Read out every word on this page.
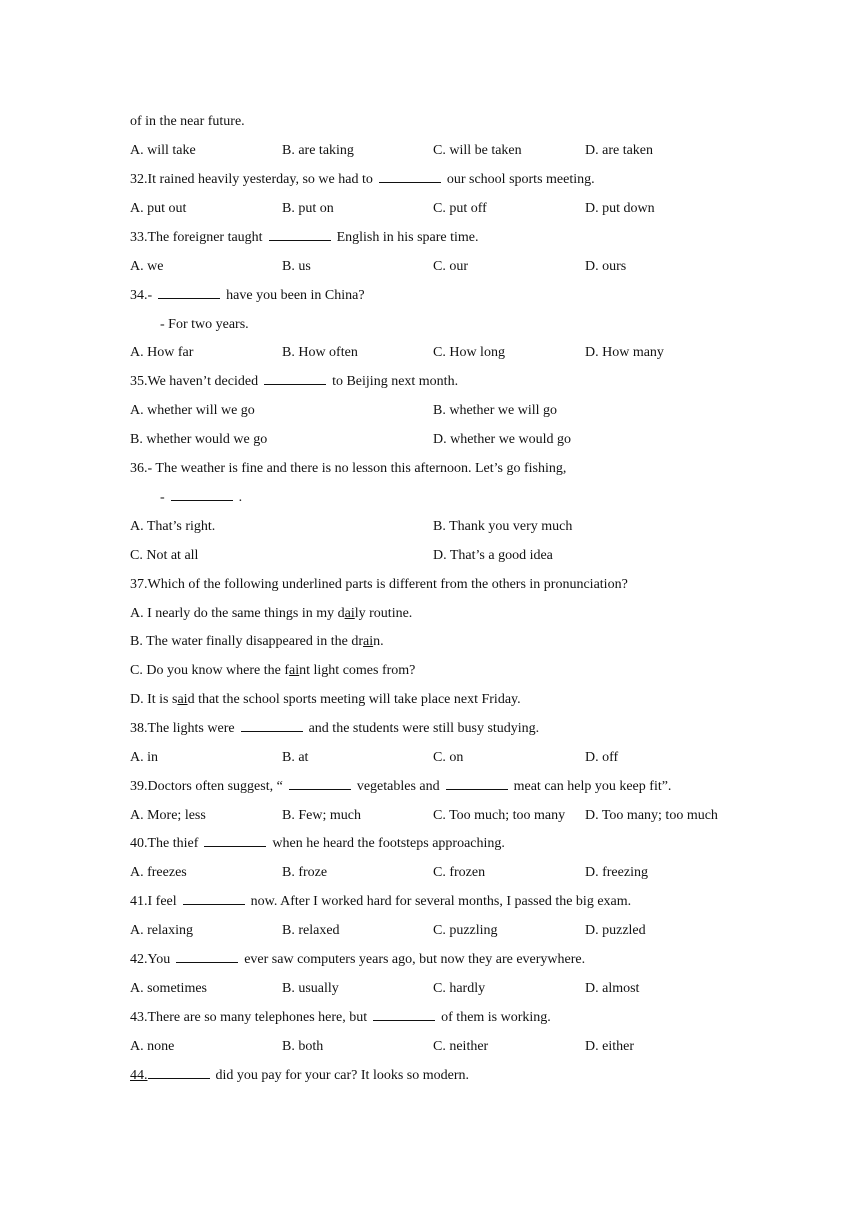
of in the near future.
A. will take	B. are taking	C. will be taken	D. are taken
32.It rained heavily yesterday, so we had to	our school sports meeting.
A. put out	B. put on	C. put off	D. put down
33.The foreigner taught	English in his spare time.
A. we	B. us	C. our	D. ours
34.-	have you been in China?
- For two years.
A. How far	B. How often	C. How long	D. How many
35.We haven’t decided	to Beijing next month.
A. whether will we go	B. whether we will go
B. whether would we go	D. whether we would go
36.- The weather is fine and there is no lesson this afternoon. Let’s go fishing,
-	.
A. That’s right.	B. Thank you very much
C. Not at all	D. That’s a good idea
37.Which of the following underlined parts is different from the others in pronunciation?
A. I nearly do the same things in my daily routine.
B. The water finally disappeared in the drain.
C. Do you know where the faint light comes from?
D. It is said that the school sports meeting will take place next Friday.
38.The lights were	and the students were still busy studying.
A. in	B. at	C. on	D. off
39.Doctors often suggest, “	vegetables and	meat can help you keep fit”.
A. More; less	B. Few; much	C. Too much; too many D. Too many; too much
40.The thief	when he heard the footsteps approaching.
A. freezes	B. froze	C. frozen	D. freezing
41.I feel	now. After I worked hard for several months, I passed the big exam.
A. relaxing	B. relaxed	C. puzzling	D. puzzled
42.You	ever saw computers years ago, but now they are everywhere.
A. sometimes	B. usually	C. hardly	D. almost
43.There are so many telephones here, but	of them is working.
A. none	B. both	C. neither	D. either
44.	did you pay for your car? It looks so modern.
